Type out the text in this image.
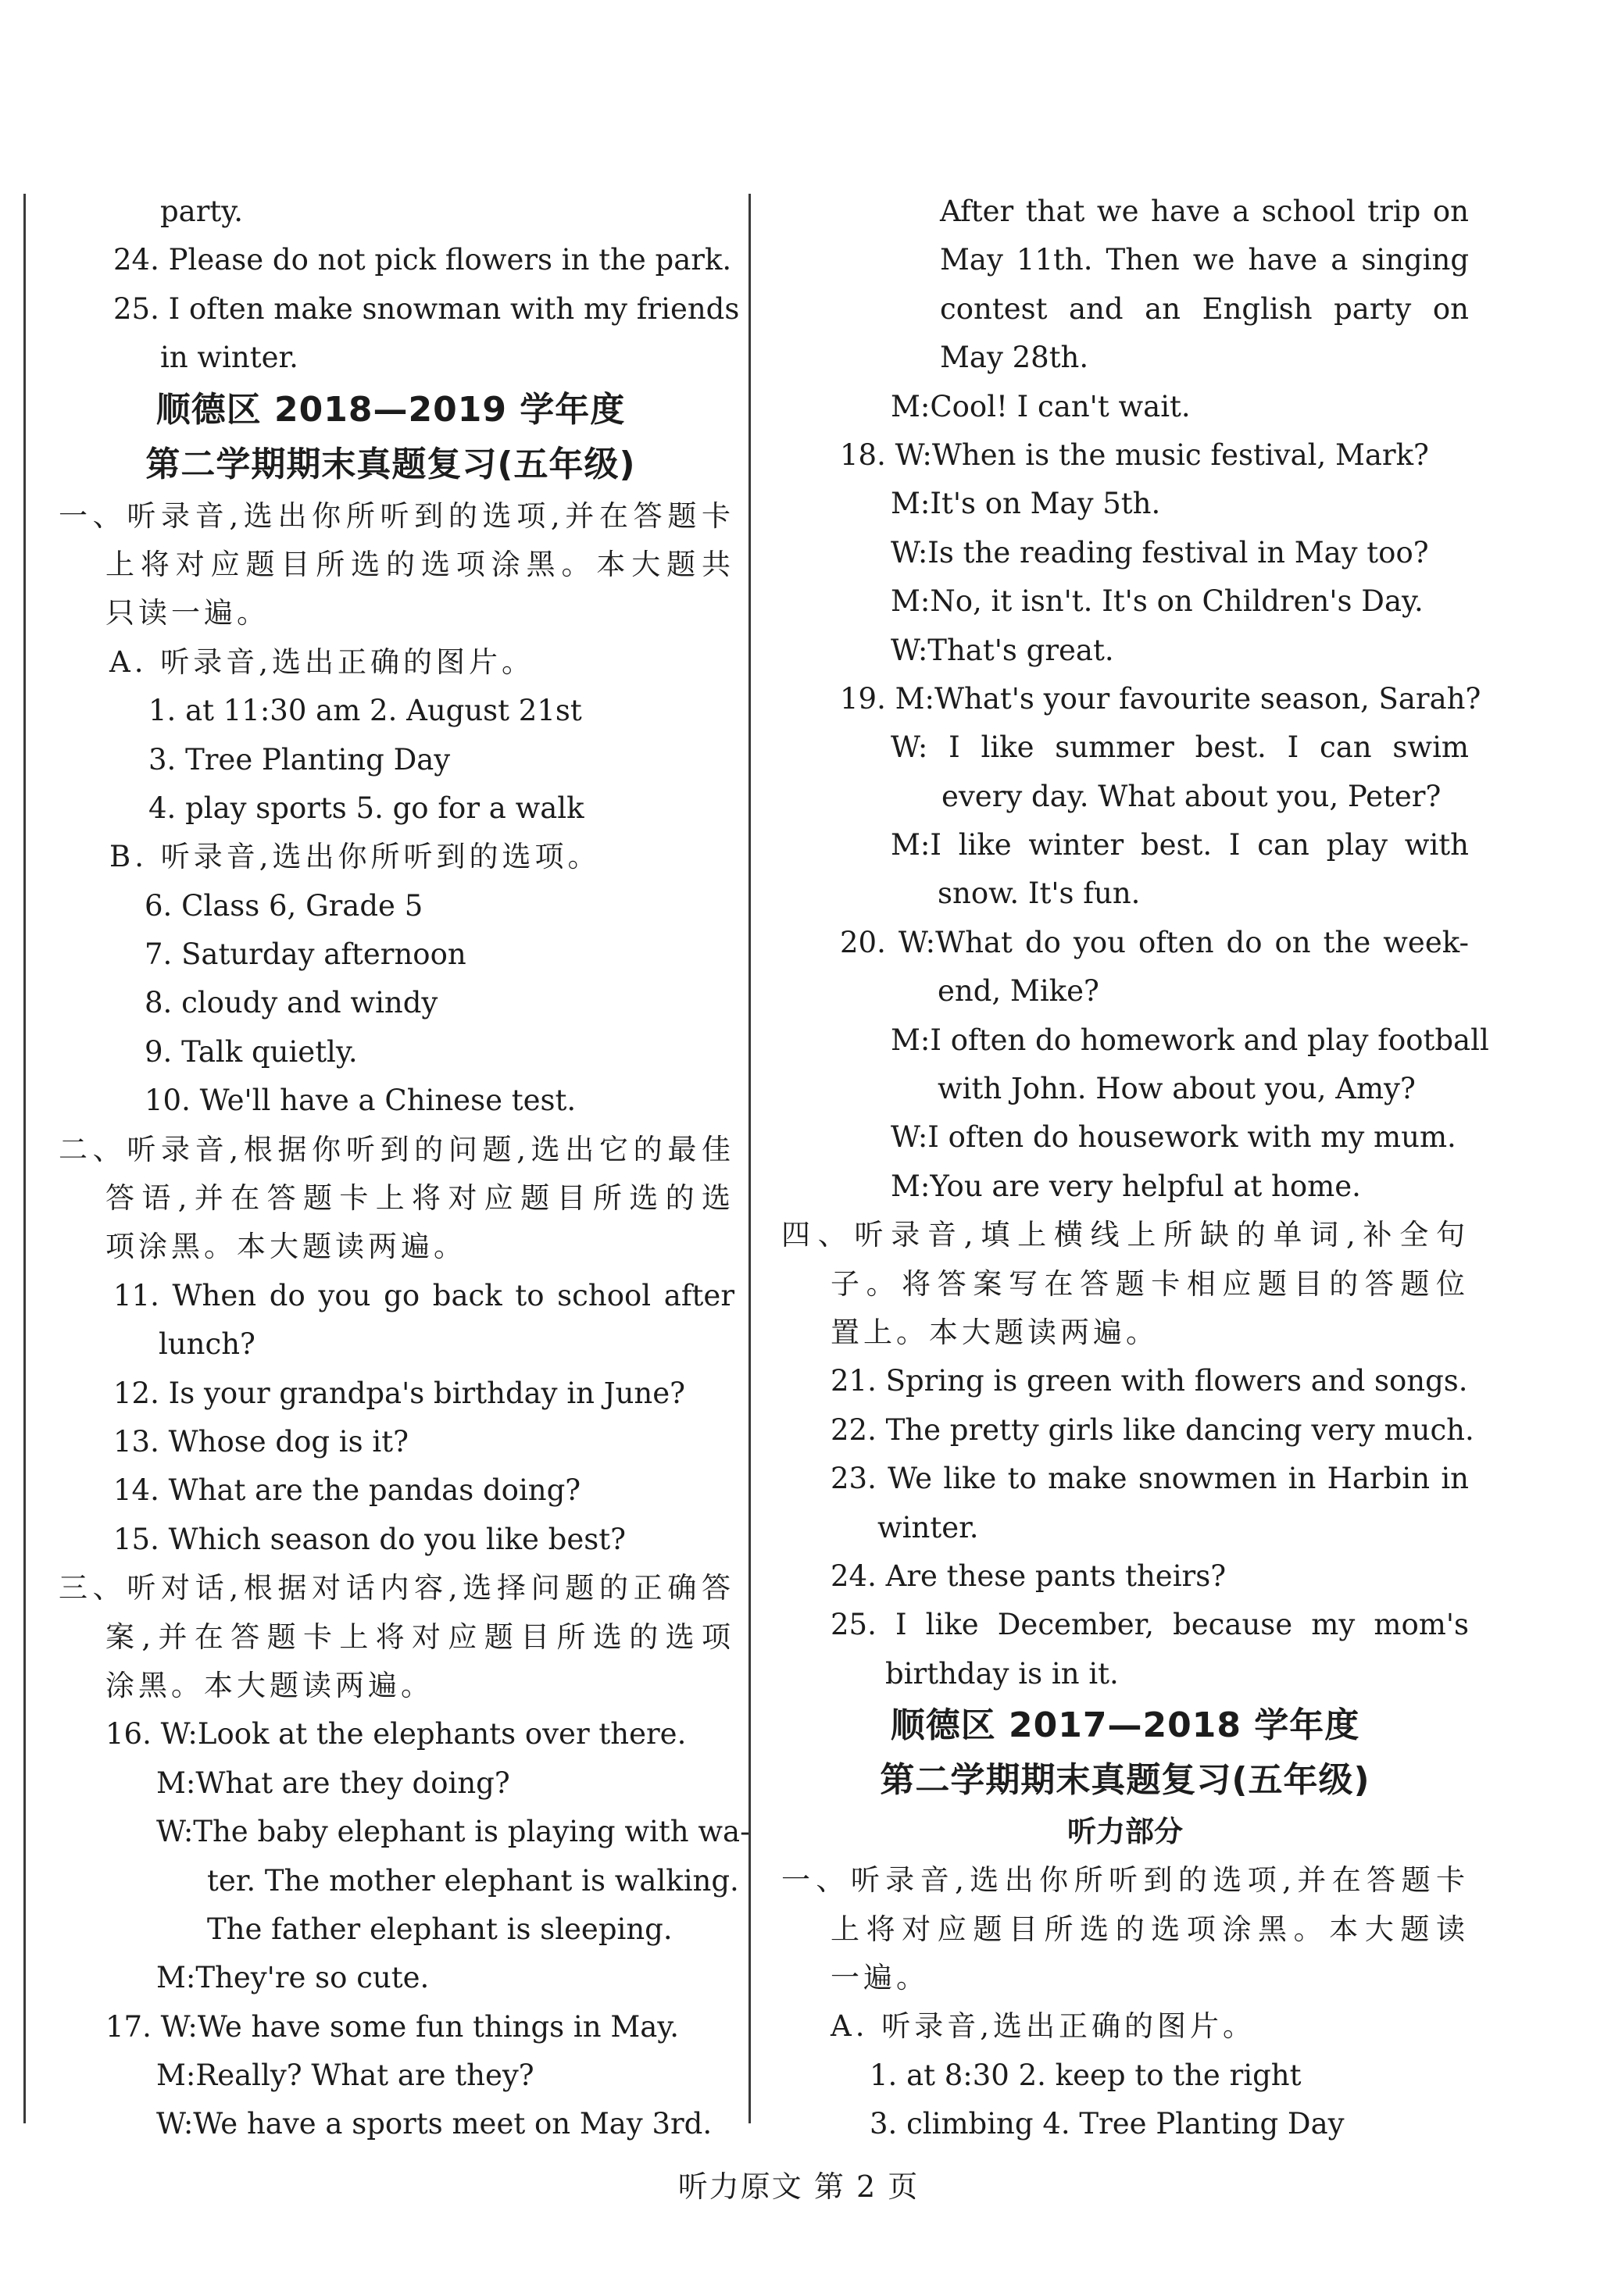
party.
24. Please do not pick flowers in the park.
25. I often make snowman with my friends
in winter.
顺德区 2018—2019 学年度
第二学期期末真题复习(五年级)
一、听录音,选出你所听到的选项,并在答题卡
上将对应题目所选的选项涂黑。本大题共
只读一遍。
A. 听录音,选出正确的图片。
1. at 11:30 am 2. August 21st
3. Tree Planting Day
4. play sports 5. go for a walk
B. 听录音,选出你所听到的选项。
6. Class 6, Grade 5
7. Saturday afternoon
8. cloudy and windy
9. Talk quietly.
10. We'll have a Chinese test.
二、听录音,根据你听到的问题,选出它的最佳
答语,并在答题卡上将对应题目所选的选
项涂黑。本大题读两遍。
11. When do you go back to school after
lunch?
12. Is your grandpa's birthday in June?
13. Whose dog is it?
14. What are the pandas doing?
15. Which season do you like best?
三、听对话,根据对话内容,选择问题的正确答
案,并在答题卡上将对应题目所选的选项
涂黑。本大题读两遍。
16. W:Look at the elephants over there.
M:What are they doing?
W:The baby elephant is playing with wa-
ter. The mother elephant is walking.
The father elephant is sleeping.
M:They're so cute.
17. W:We have some fun things in May.
M:Really? What are they?
W:We have a sports meet on May 3rd.
After that we have a school trip on
May 11th. Then we have a singing
contest and an English party on
May 28th.
M:Cool! I can't wait.
18. W:When is the music festival, Mark?
M:It's on May 5th.
W:Is the reading festival in May too?
M:No, it isn't. It's on Children's Day.
W:That's great.
19. M:What's your favourite season, Sarah?
W: I like summer best. I can swim
every day. What about you, Peter?
M:I like winter best. I can play with
snow. It's fun.
20. W:What do you often do on the week-
end, Mike?
M:I often do homework and play football
with John. How about you, Amy?
W:I often do housework with my mum.
M:You are very helpful at home.
四、听录音,填上横线上所缺的单词,补全句
子。将答案写在答题卡相应题目的答题位
置上。本大题读两遍。
21. Spring is green with flowers and songs.
22. The pretty girls like dancing very much.
23. We like to make snowmen in Harbin in
winter.
24. Are these pants theirs?
25. I like December, because my mom's
birthday is in it.
顺德区 2017—2018 学年度
第二学期期末真题复习(五年级)
听力部分
一、听录音,选出你所听到的选项,并在答题卡
上将对应题目所选的选项涂黑。本大题读
一遍。
A. 听录音,选出正确的图片。
1. at 8:30 2. keep to the right
3. climbing 4. Tree Planting Day
听力原文 第 2 页
